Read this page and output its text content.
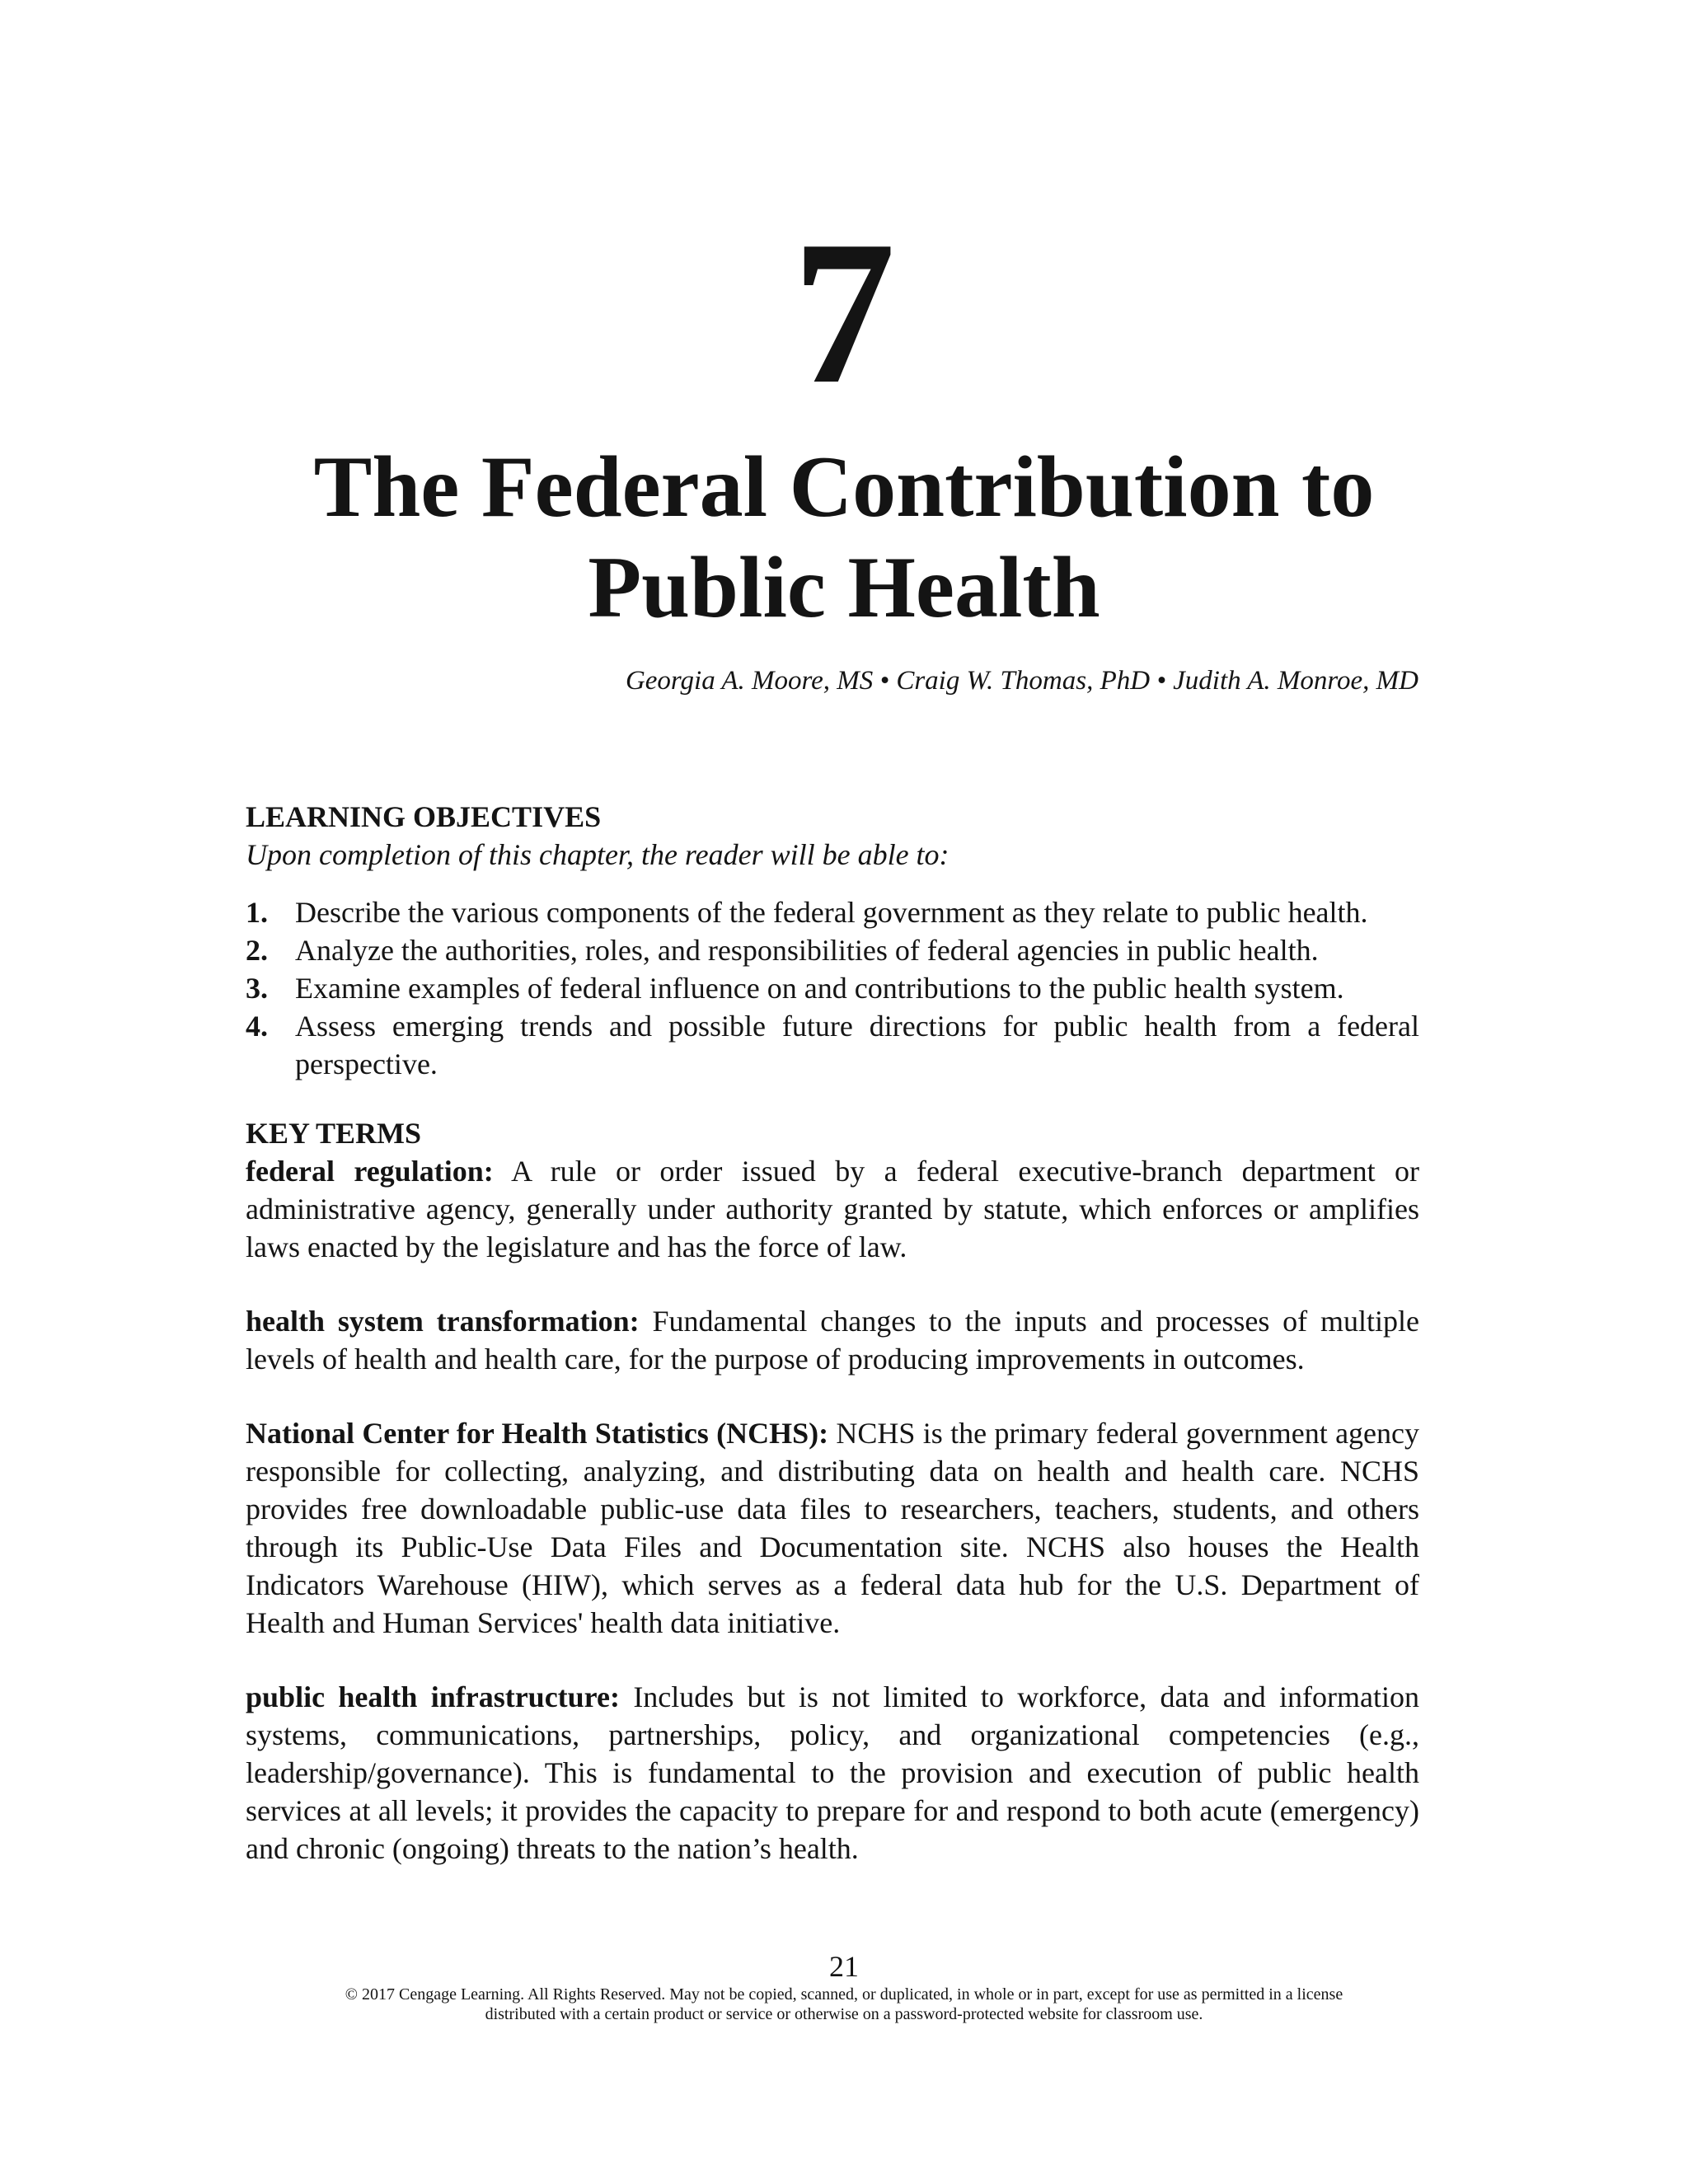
7
The Federal Contribution to
Public Health
Georgia A. Moore, MS • Craig W. Thomas, PhD • Judith A. Monroe, MD

LEARNING OBJECTIVES

Upon completion of this chapter, the reader will be able to:

1. Describe the various components of the federal government as they relate to public health.
2. Analyze the authorities, roles, and responsibilities of federal agencies in public health.
3. Examine examples of federal influence on and contributions to the public health system.
4. Assess emerging trends and possible future directions for public health from a federal perspective.

KEY TERMS

federal regulation: A rule or order issued by a federal executive-branch department or administrative agency, generally under authority granted by statute, which enforces or amplifies laws enacted by the legislature and has the force of law.

health system transformation: Fundamental changes to the inputs and processes of multiple levels of health and health care, for the purpose of producing improvements in outcomes.

National Center for Health Statistics (NCHS): NCHS is the primary federal government agency responsible for collecting, analyzing, and distributing data on health and health care. NCHS provides free downloadable public-use data files to researchers, teachers, students, and others through its Public-Use Data Files and Documentation site. NCHS also houses the Health Indicators Warehouse (HIW), which serves as a federal data hub for the U.S. Department of Health and Human Services' health data initiative.

public health infrastructure: Includes but is not limited to workforce, data and information systems, communications, partnerships, policy, and organizational competencies (e.g., leadership/governance). This is fundamental to the provision and execution of public health services at all levels; it provides the capacity to prepare for and respond to both acute (emergency) and chronic (ongoing) threats to the nation’s health.

21
© 2017 Cengage Learning. All Rights Reserved. May not be copied, scanned, or duplicated, in whole or in part, except for use as permitted in a license
distributed with a certain product or service or otherwise on a password-protected website for classroom use.
